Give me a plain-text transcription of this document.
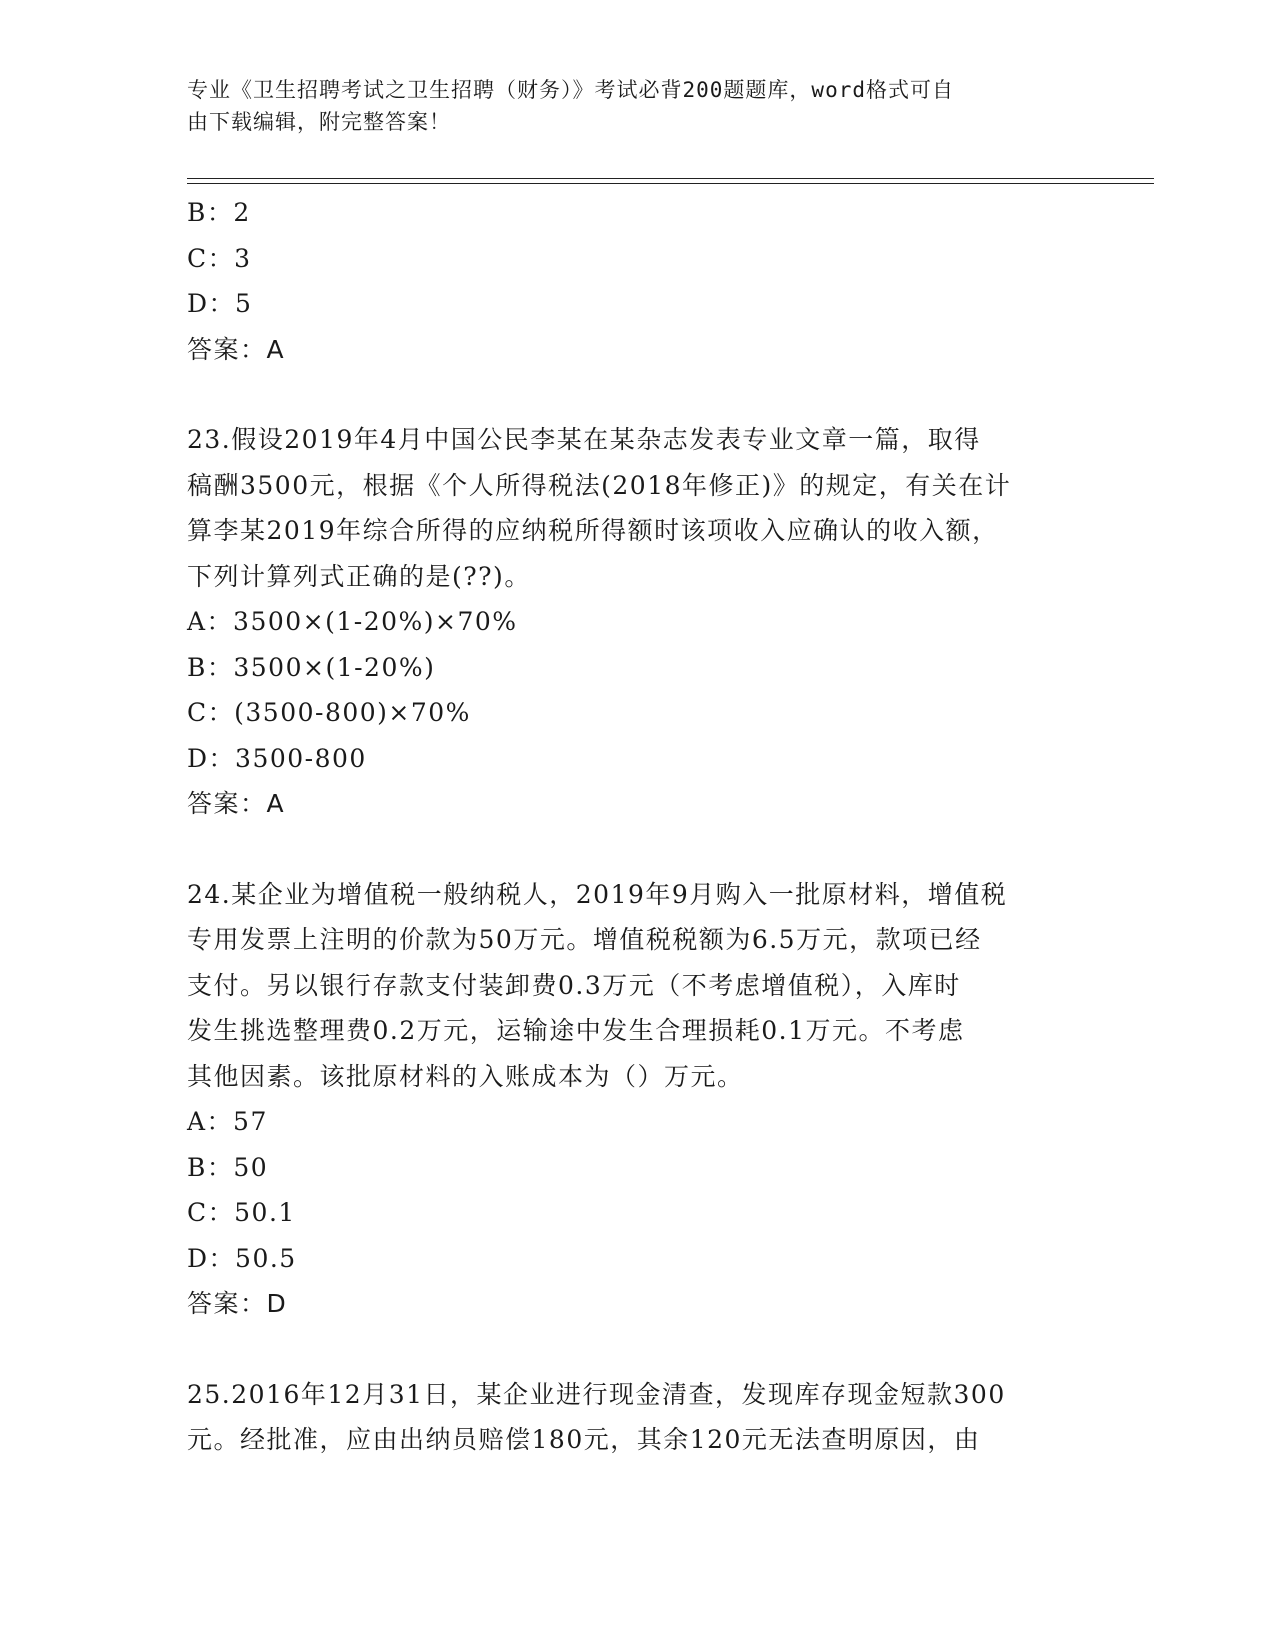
专业《卫生招聘考试之卫生招聘（财务）》考试必背200题题库，word格式可自
由下载编辑，附完整答案！
B：2
C：3
D：5
答案：A
23.假设2019年4月中国公民李某在某杂志发表专业文章一篇，取得
稿酬3500元，根据《个人所得税法(2018年修正)》的规定，有关在计
算李某2019年综合所得的应纳税所得额时该项收入应确认的收入额，
下列计算列式正确的是(??)。
A：3500×(1-20%)×70%
B：3500×(1-20%)
C：(3500-800)×70%
D：3500-800
答案：A
24.某企业为增值税一般纳税人，2019年9月购入一批原材料，增值税
专用发票上注明的价款为50万元。增值税税额为6.5万元，款项已经
支付。另以银行存款支付装卸费0.3万元（不考虑增值税），入库时
发生挑选整理费0.2万元，运输途中发生合理损耗0.1万元。不考虑
其他因素。该批原材料的入账成本为（）万元。
A：57
B：50
C：50.1
D：50.5
答案：D
25.2016年12月31日，某企业进行现金清查，发现库存现金短款300
元。经批准，应由出纳员赔偿180元，其余120元无法查明原因，由
